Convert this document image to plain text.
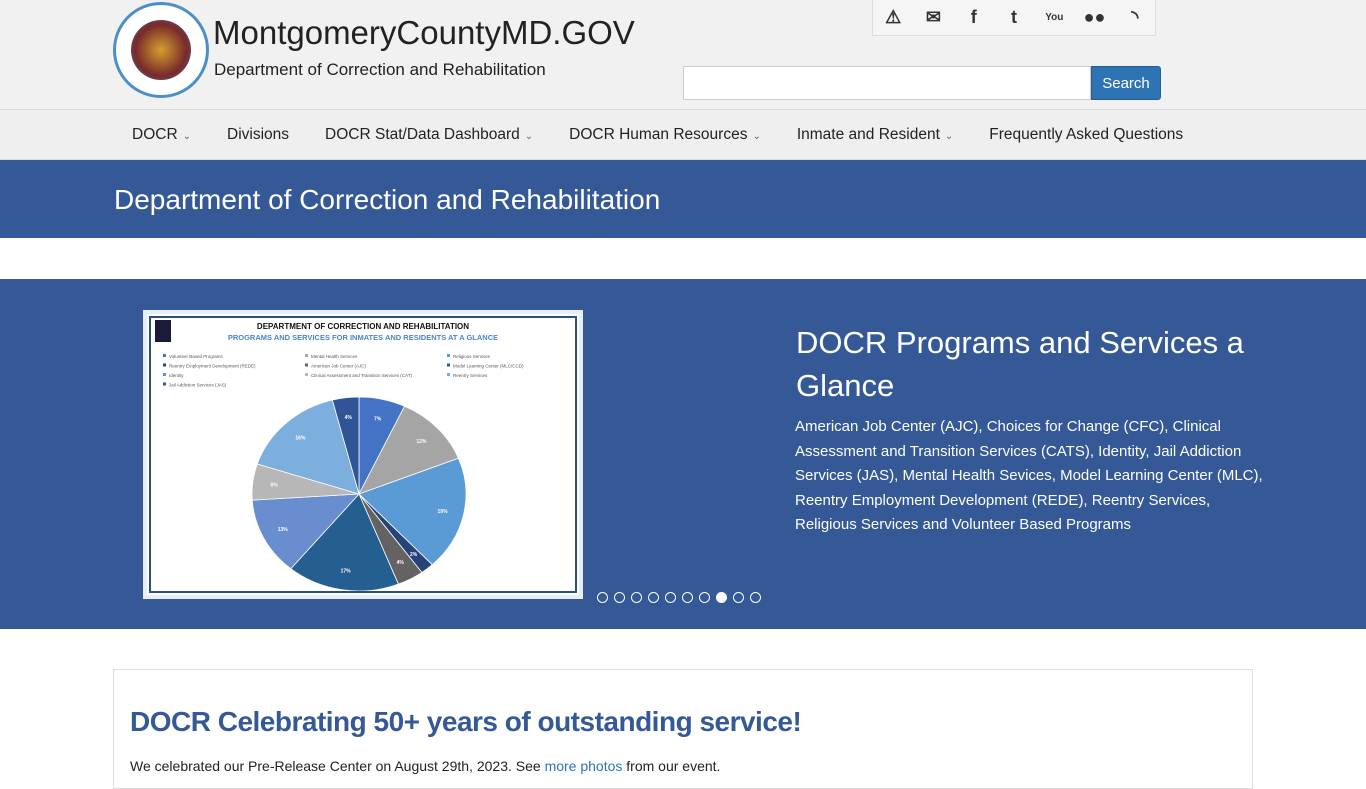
MontgomeryCountyMD.GOV
Department of Correction and Rehabilitation
⚠	✉	f	t	You ●●	◝
Search
DOCR ⌄	Divisions	DOCR Stat/Data Dashboard ⌄	DOCR Human Resources ⌄	Inmate and Resident ⌄	Frequently Asked Questions
Department of Correction and Rehabilitation
DEPARTMENT OF CORRECTION AND REHABILITATION
PROGRAMS AND SERVICES FOR INMATES AND RESIDENTS AT A GLANCE
Volunteer Based Programs	Mental Health Services	Religious Services
Reentry Employment Development (REDE)	American Job Center (AJC)	Model Learning Center (MLC/CCD)
Identity	Clinical Assessment and Transition Services (CAT)	Reentry Services
Jail Addiction Services (JAS)
7%
12%
19%
2%
4%
17%
13%
6%
16%
4%
DOCR Programs and Services a Glance
American Job Center (AJC), Choices for Change (CFC), Clinical Assessment and Transition Services (CATS), Identity, Jail Addiction Services (JAS), Mental Health Sevices, Model Learning Center (MLC), Reentry Employment Development (REDE), Reentry Services, Religious Services and Volunteer Based Programs
DOCR Celebrating 50+ years of outstanding service!

We celebrated our Pre-Release Center on August 29th, 2023. See more photos from our event.
